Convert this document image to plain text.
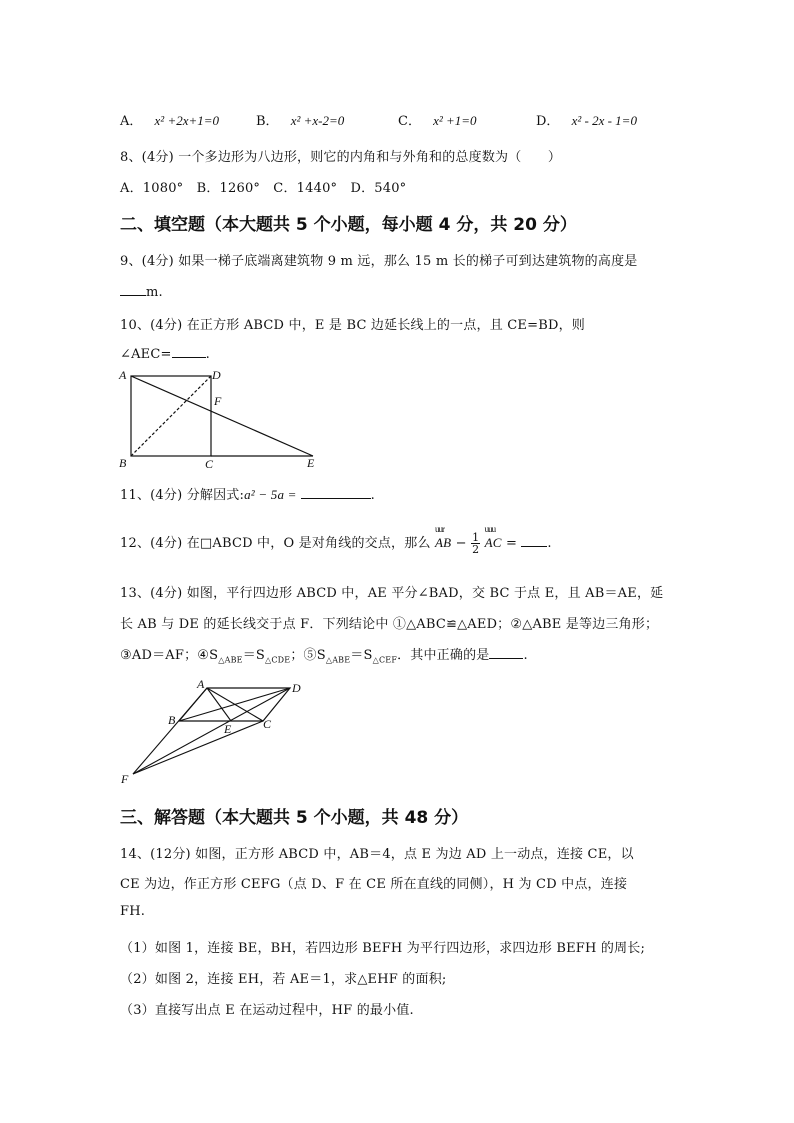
A． x² +2x+1=0	B． x² +x-2=0	C． x² +1=0	D． x² - 2x - 1=0
8、(4分) 一个多边形为八边形，则它的内角和与外角和的总度数为（　　）
A．1080°　B．1260°　C．1440°　D．540°
二、填空题（本大题共 5 个小题，每小题 4 分，共 20 分）
9、(4分) 如果一梯子底端离建筑物 9 m 远，那么 15 m 长的梯子可到达建筑物的高度是
m.
10、(4分) 在正方形 ABCD 中，E 是 BC 边延长线上的一点，且 CE=BD，则
∠AEC=	.
A	D
F
B	C	E
11、(4分) 分解因式:a² − 5a =	.
12、(4分) 在□ABCD 中，O 是对角线的交点，那么
uur
AB − $\frac{1}{2}$

uuu
AC = .
13、(4分) 如图，平行四边形 ABCD 中，AE 平分∠BAD，交 BC 于点 E，且 AB＝AE，延
长 AB 与 DE 的延长线交于点 F．下列结论中 ①△ABC≌△AED；②△ABE 是等边三角形；
③AD＝AF；$④S_{\triangle ABE}=S_{\triangle CDE}$；$⑤S_{\triangle ABE}=S_{\triangle CEF}$．其中正确的是	.
A	D
B
E	C
F
三、解答题（本大题共 5 个小题，共 48 分）
14、(12分) 如图，正方形 ABCD 中，AB＝4，点 E 为边 AD 上一动点，连接 CE，以
CE 为边，作正方形 CEFG（点 D、F 在 CE 所在直线的同侧），H 为 CD 中点，连接
FH.
（1）如图 1，连接 BE，BH，若四边形 BEFH 为平行四边形，求四边形 BEFH 的周长;
（2）如图 2，连接 EH，若 AE＝1，求△EHF 的面积;
（3）直接写出点 E 在运动过程中，HF 的最小值.
